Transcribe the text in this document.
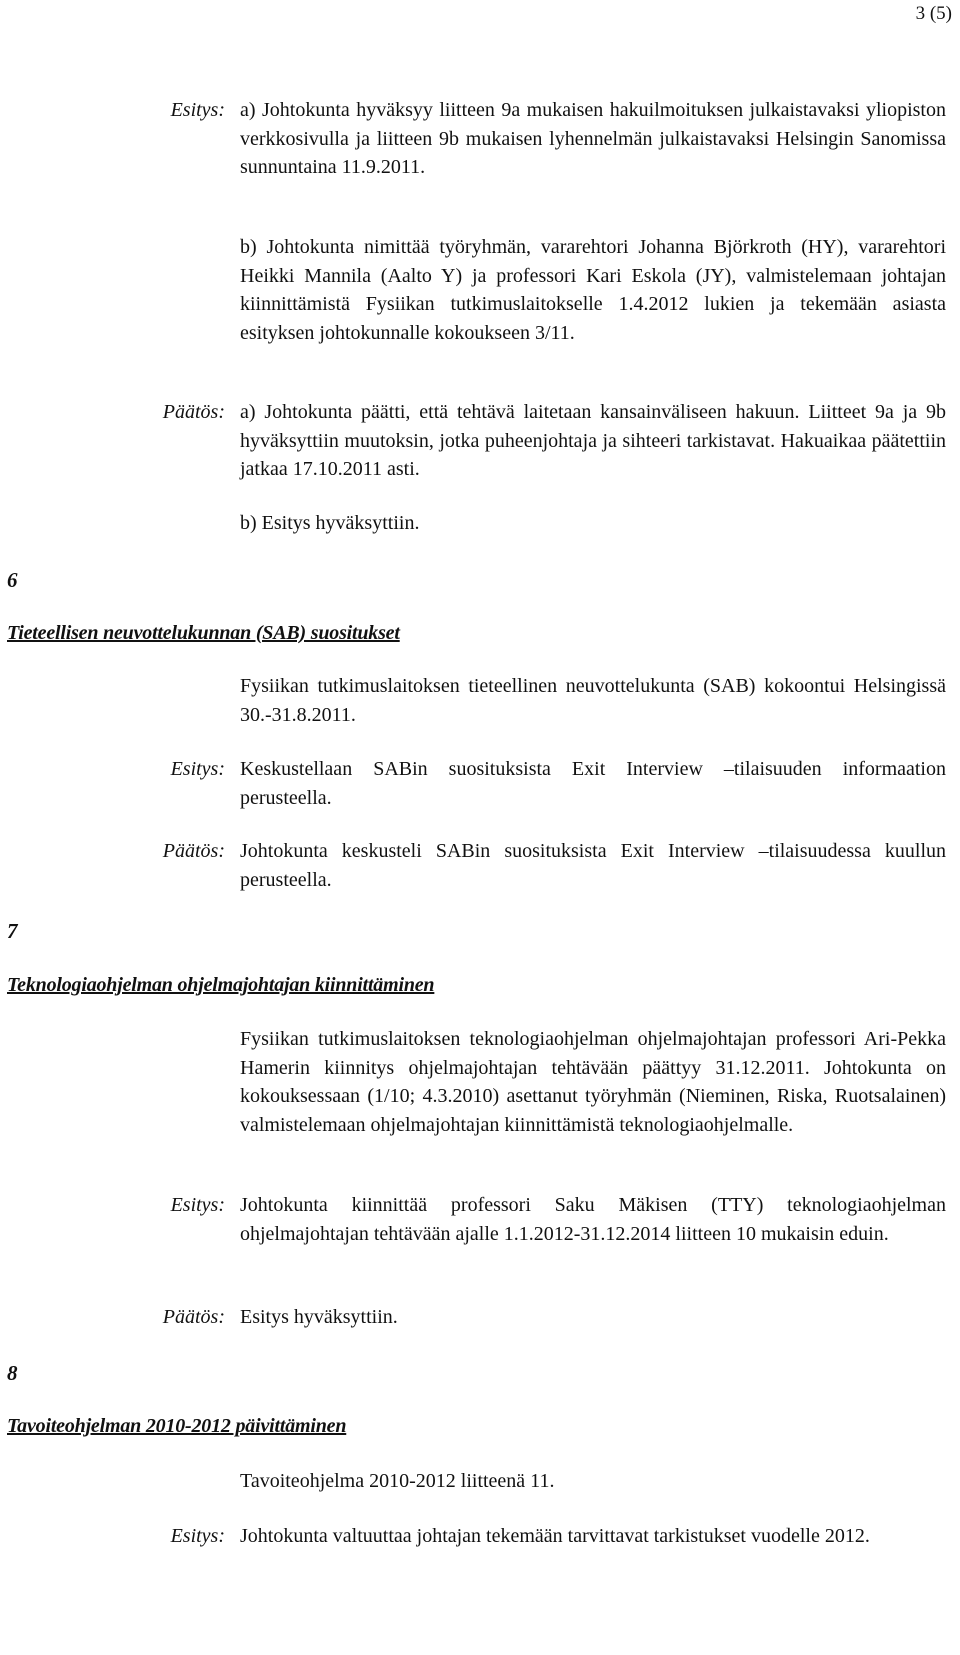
3 (5)
Esitys: a) Johtokunta hyväksyy liitteen 9a mukaisen hakuilmoituksen julkaistavaksi yliopiston verkkosivulla ja liitteen 9b mukaisen lyhennelmän julkaistavaksi Helsingin Sanomissa sunnuntaina 11.9.2011.

b) Johtokunta nimittää työryhmän, vararehtori Johanna Björkroth (HY), vararehtori Heikki Mannila (Aalto Y) ja professori Kari Eskola (JY), valmistelemaan johtajan kiinnittämistä Fysiikan tutkimuslaitokselle 1.4.2012 lukien ja tekemään asiasta esityksen johtokunnalle kokoukseen 3/11.

Päätös: a) Johtokunta päätti, että tehtävä laitetaan kansainväliseen hakuun. Liitteet 9a ja 9b hyväksyttiin muutoksin, jotka puheenjohtaja ja sihteeri tarkistavat. Hakuaikaa päätettiin jatkaa 17.10.2011 asti.

b) Esitys hyväksyttiin.

6
Tieteellisen neuvottelukunnan (SAB) suositukset

Fysiikan tutkimuslaitoksen tieteellinen neuvottelukunta (SAB) kokoontui Helsingissä 30.-31.8.2011.

Esitys: Keskustellaan SABin suosituksista Exit Interview –tilaisuuden informaation perusteella.

Päätös: Johtokunta keskusteli SABin suosituksista Exit Interview –tilaisuudessa kuullun perusteella.

7
Teknologiaohjelman ohjelmajohtajan kiinnittäminen

Fysiikan tutkimuslaitoksen teknologiaohjelman ohjelmajohtajan professori Ari-Pekka Hamerin kiinnitys ohjelmajohtajan tehtävään päättyy 31.12.2011. Johtokunta on kokouksessaan (1/10; 4.3.2010) asettanut työryhmän (Nieminen, Riska, Ruotsalainen) valmistelemaan ohjelmajohtajan kiinnittämistä teknologiaohjelmalle.

Esitys: Johtokunta kiinnittää professori Saku Mäkisen (TTY) teknologiaohjelman ohjelmajohtajan tehtävään ajalle 1.1.2012-31.12.2014 liitteen 10 mukaisin eduin.

Päätös: Esitys hyväksyttiin.

8
Tavoiteohjelman 2010-2012 päivittäminen

Tavoiteohjelma 2010-2012 liitteenä 11.

Esitys: Johtokunta valtuuttaa johtajan tekemään tarvittavat tarkistukset vuodelle 2012.
